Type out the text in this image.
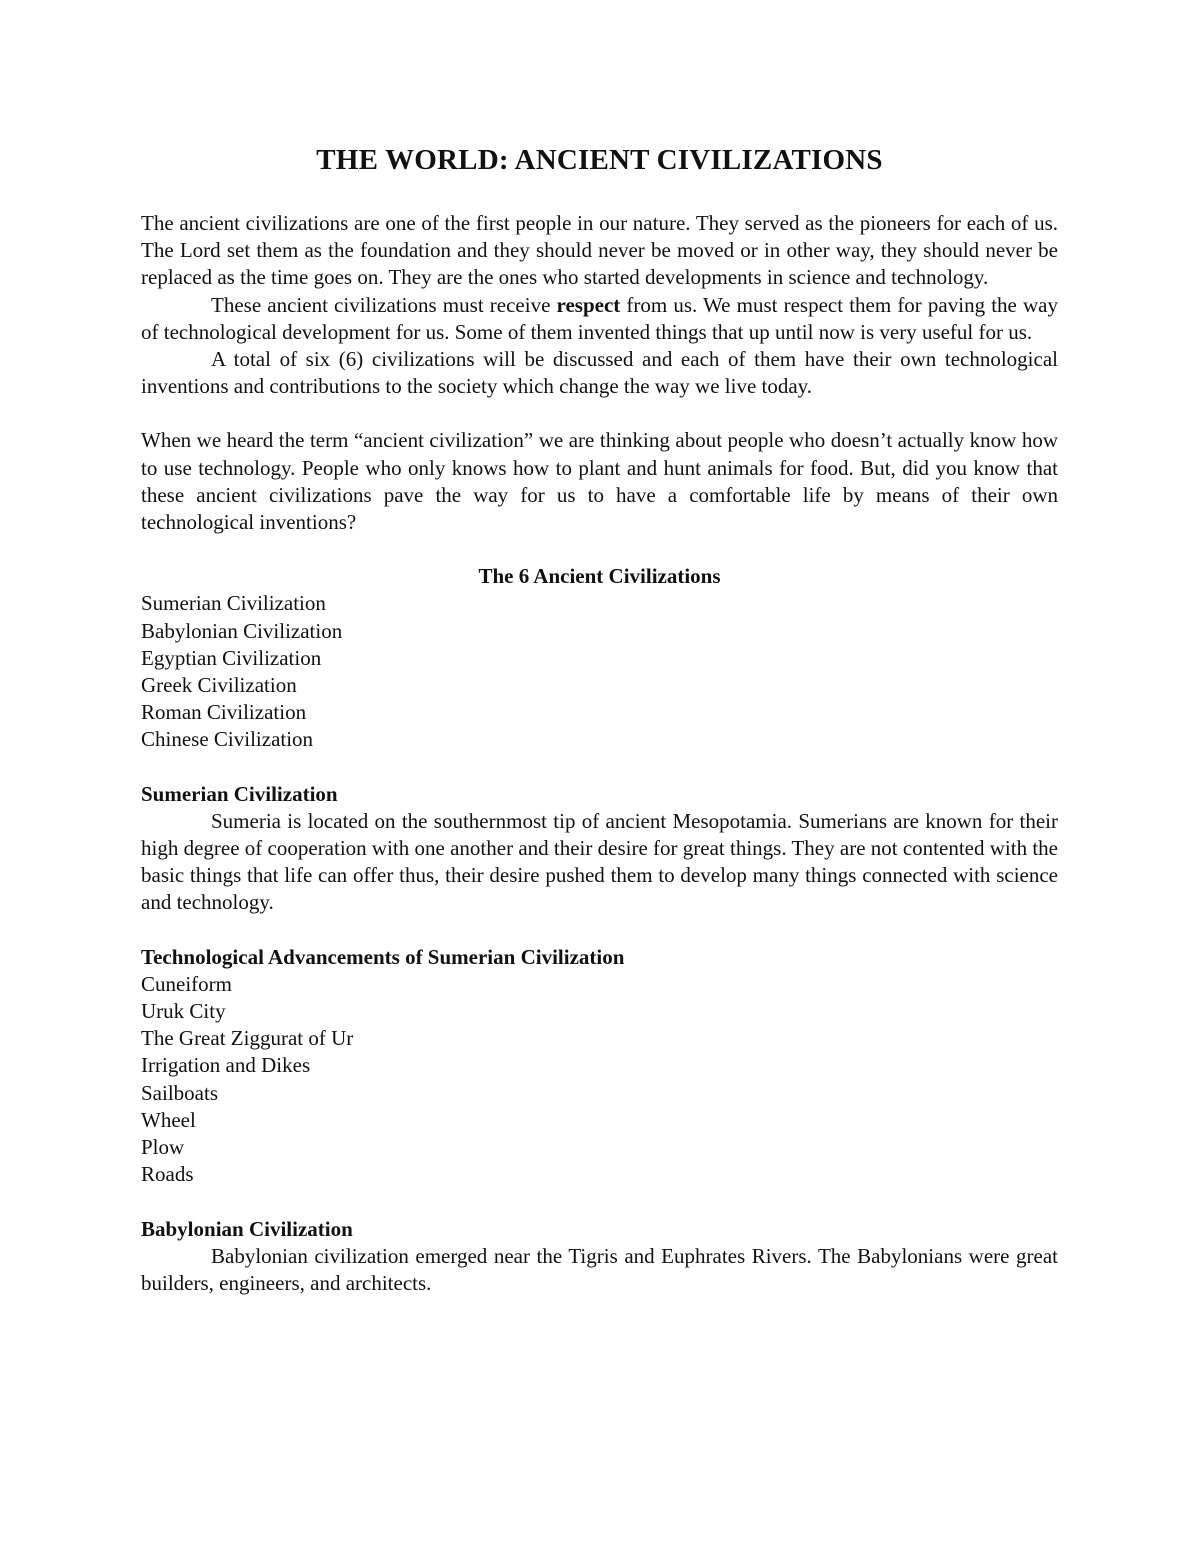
THE WORLD: ANCIENT CIVILIZATIONS

The ancient civilizations are one of the first people in our nature. They served as the pioneers for each of us. The Lord set them as the foundation and they should never be moved or in other way, they should never be replaced as the time goes on. They are the ones who started developments in science and technology.

These ancient civilizations must receive respect from us. We must respect them for paving the way of technological development for us. Some of them invented things that up until now is very useful for us.

A total of six (6) civilizations will be discussed and each of them have their own technological inventions and contributions to the society which change the way we live today.

When we heard the term “ancient civilization” we are thinking about people who doesn’t actually know how to use technology. People who only knows how to plant and hunt animals for food. But, did you know that these ancient civilizations pave the way for us to have a comfortable life by means of their own technological inventions?

The 6 Ancient Civilizations

Sumerian Civilization
Babylonian Civilization
Egyptian Civilization
Greek Civilization
Roman Civilization
Chinese Civilization

Sumerian Civilization

Sumeria is located on the southernmost tip of ancient Mesopotamia. Sumerians are known for their high degree of cooperation with one another and their desire for great things. They are not contented with the basic things that life can offer thus, their desire pushed them to develop many things connected with science and technology.

Technological Advancements of Sumerian Civilization

Cuneiform
Uruk City
The Great Ziggurat of Ur
Irrigation and Dikes
Sailboats
Wheel
Plow
Roads

Babylonian Civilization

Babylonian civilization emerged near the Tigris and Euphrates Rivers. The Babylonians were great builders, engineers, and architects.
